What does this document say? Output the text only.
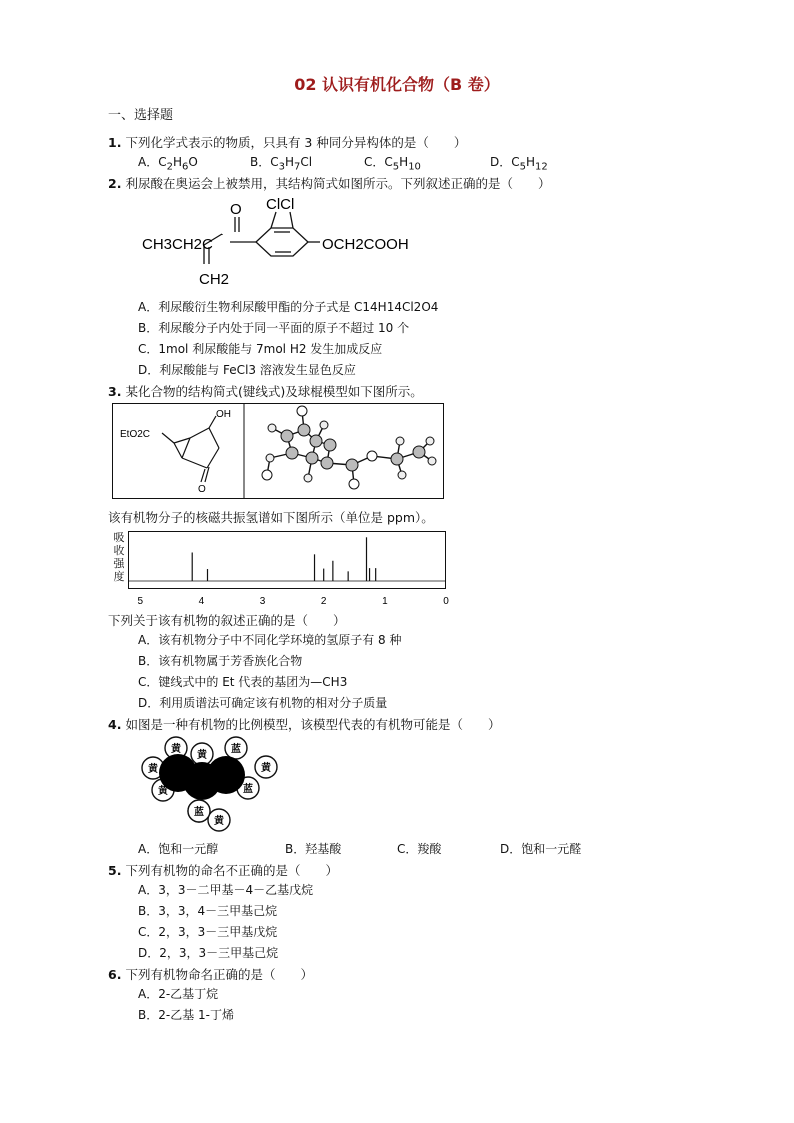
02 认识有机化合物（B 卷）
一、选择题
1. 下列化学式表示的物质，只具有 3 种同分异构体的是（　　）
A．$C_2H_6O$	B．$C_3H_7Cl$	C．$C_5H_{10}$	D．$C_5H_{12}$
2. 利尿酸在奥运会上被禁用，其结构简式如图所示。下列叙述正确的是（　　）
CH3CH2C
CH2
O ClCl
OCH2COOH
A．利尿酸衍生物利尿酸甲酯的分子式是 C14H14Cl2O4
B．利尿酸分子内处于同一平面的原子不超过 10 个
C．1mol 利尿酸能与 7mol H2 发生加成反应
D．利尿酸能与 FeCl3 溶液发生显色反应
3. 某化合物的结构简式(键线式)及球棍模型如下图所示。
EtO2C
OH
O
该有机物分子的核磁共振氢谱如下图所示（单位是 ppm）。
吸
收
强
度
5	4	3	2	1	0
下列关于该有机物的叙述正确的是（　　）
A．该有机物分子中不同化学环境的氢原子有 8 种
B．该有机物属于芳香族化合物
C．键线式中的 Et 代表的基团为—CH3
D．利用质谱法可确定该有机物的相对分子质量
4. 如图是一种有机物的比例模型，该模型代表的有机物可能是（　　）
黄
黄
蓝
黄	黄
黄	蓝
蓝
黄
A．饱和一元醇	B．羟基酸	C．羧酸	D．饱和一元醛
5. 下列有机物的命名不正确的是（　　）
A．3，3－二甲基－4－乙基戊烷
B．3，3，4－三甲基己烷
C．2，3，3－三甲基戊烷
D．2，3，3－三甲基己烷
6. 下列有机物命名正确的是（　　）
A．2-乙基丁烷
B．2-乙基 1-丁烯
